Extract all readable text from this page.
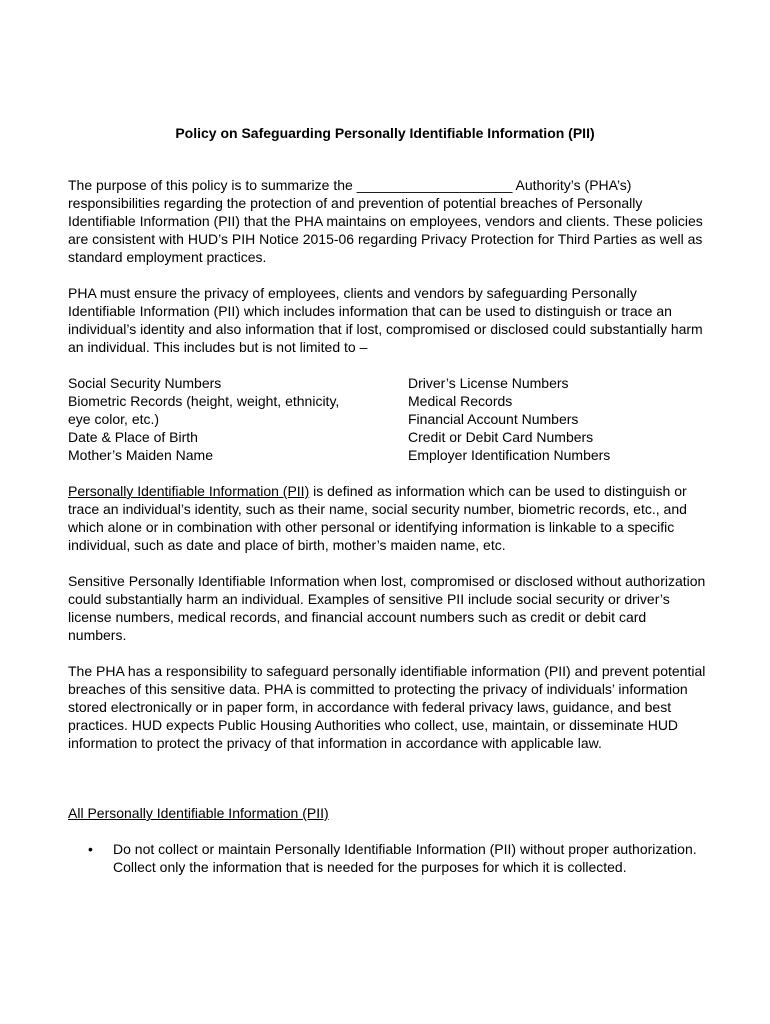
Policy on Safeguarding Personally Identifiable Information (PII)

The purpose of this policy is to summarize the ____________________ Authority’s (PHA’s) responsibilities regarding the protection of and prevention of potential breaches of Personally Identifiable Information (PII) that the PHA maintains on employees, vendors and clients. These policies are consistent with HUD’s PIH Notice 2015-06 regarding Privacy Protection for Third Parties as well as standard employment practices.

PHA must ensure the privacy of employees, clients and vendors by safeguarding Personally Identifiable Information (PII) which includes information that can be used to distinguish or trace an individual’s identity and also information that if lost, compromised or disclosed could substantially harm an individual. This includes but is not limited to –

Social Security Numbers
Biometric Records (height, weight, ethnicity,
eye color, etc.)
Date & Place of Birth
Mother’s Maiden Name
Driver’s License Numbers
Medical Records
Financial Account Numbers
Credit or Debit Card Numbers
Employer Identification Numbers

Personally Identifiable Information (PII) is defined as information which can be used to distinguish or trace an individual’s identity, such as their name, social security number, biometric records, etc., and which alone or in combination with other personal or identifying information is linkable to a specific individual, such as date and place of birth, mother’s maiden name, etc.

Sensitive Personally Identifiable Information when lost, compromised or disclosed without authorization could substantially harm an individual. Examples of sensitive PII include social security or driver’s license numbers, medical records, and financial account numbers such as credit or debit card numbers.

The PHA has a responsibility to safeguard personally identifiable information (PII) and prevent potential breaches of this sensitive data. PHA is committed to protecting the privacy of individuals’ information stored electronically or in paper form, in accordance with federal privacy laws, guidance, and best practices. HUD expects Public Housing Authorities who collect, use, maintain, or disseminate HUD information to protect the privacy of that information in accordance with applicable law.

All Personally Identifiable Information (PII)

•	Do not collect or maintain Personally Identifiable Information (PII) without proper authorization. Collect only the information that is needed for the purposes for which it is collected.
